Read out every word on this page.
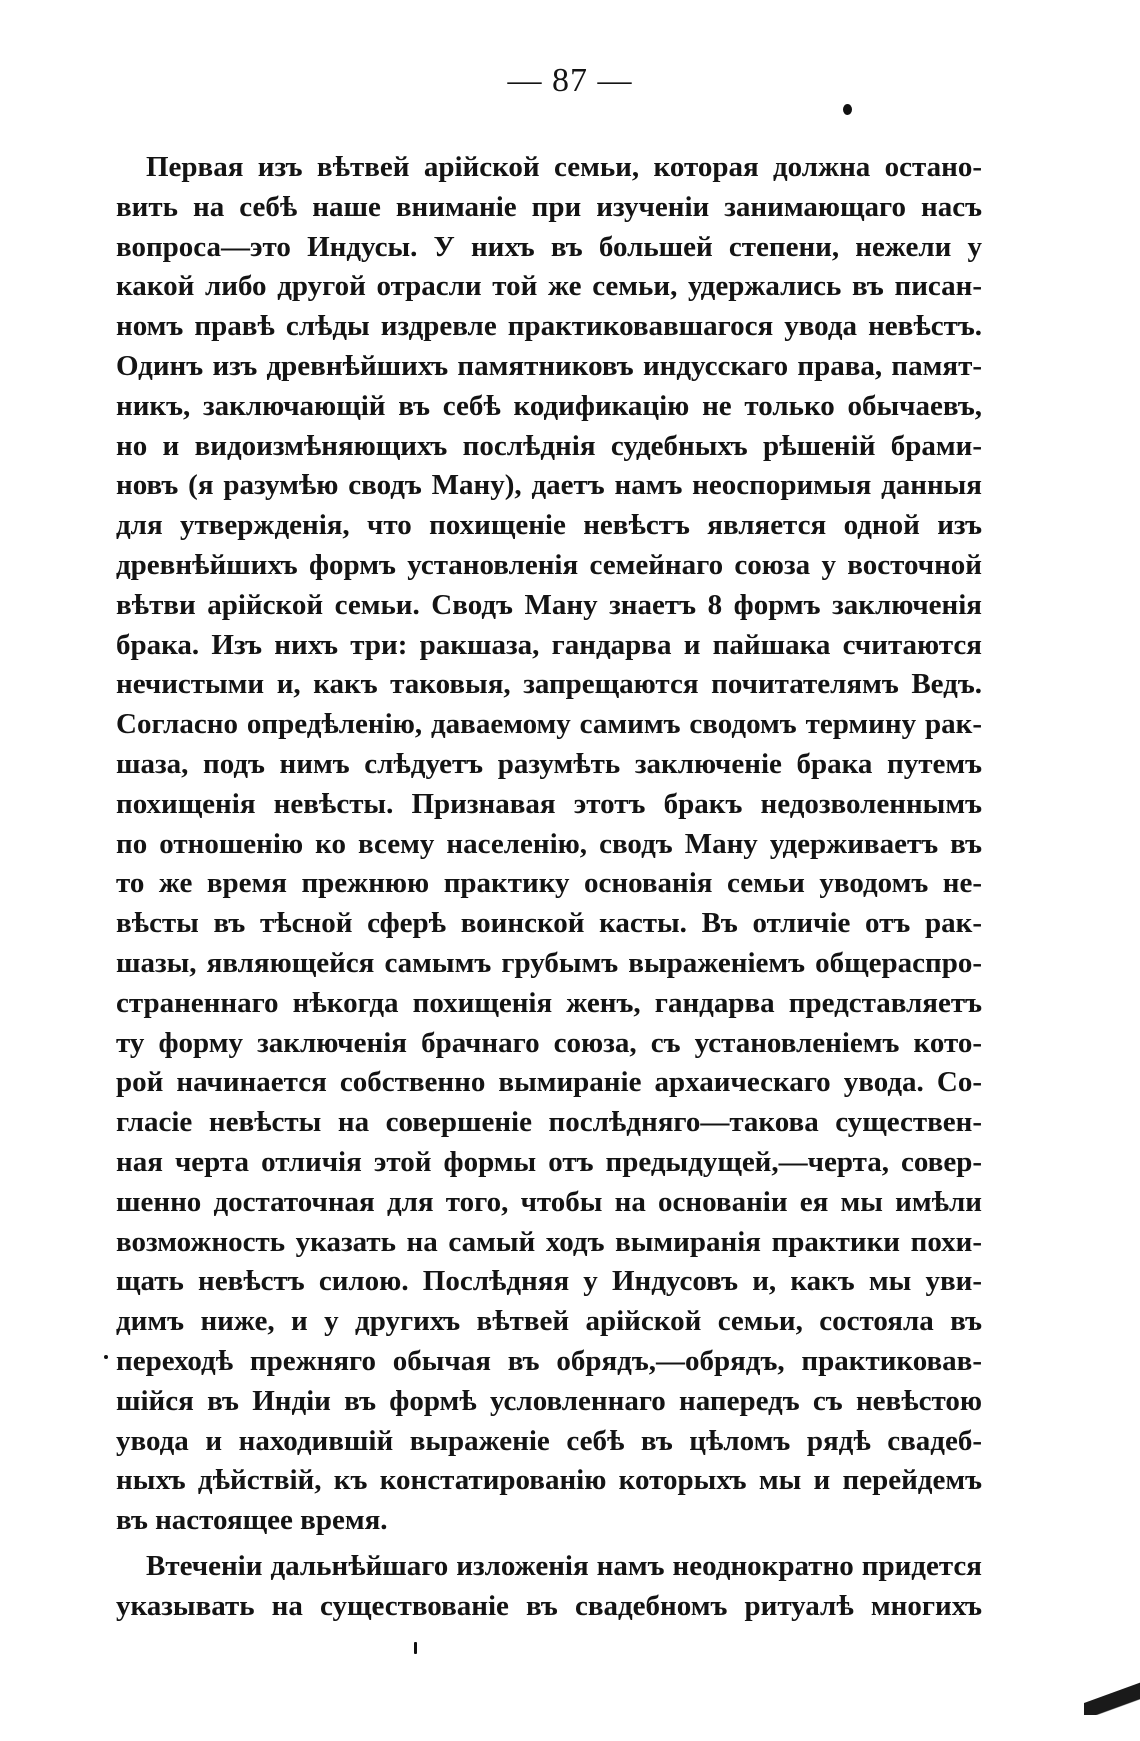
— 87 —
Первая изъ вѣтвей арійской семьи, которая должна остано-
вить на себѣ наше вниманіе при изученіи занимающаго насъ
вопроса—это Индусы. У нихъ въ большей степени, нежели у
какой либо другой отрасли той же семьи, удержались въ писан-
номъ правѣ слѣды издревле практиковавшагося увода невѣстъ.
Одинъ изъ древнѣйшихъ памятниковъ индусскаго права, памят-
никъ, заключающій въ себѣ кодификацію не только обычаевъ,
но и видоизмѣняющихъ послѣднія судебныхъ рѣшеній брами-
новъ (я разумѣю сводъ Ману), даетъ намъ неоспоримыя данныя
для утвержденія, что похищеніе невѣстъ является одной изъ
древнѣйшихъ формъ установленія семейнаго союза у восточной
вѣтви арійской семьи. Сводъ Ману знаетъ 8 формъ заключенія
брака. Изъ нихъ три: ракшаза, гандарва и пайшака считаются
нечистыми и, какъ таковыя, запрещаются почитателямъ Ведъ.
Согласно опредѣленію, даваемому самимъ сводомъ термину рак-
шаза, подъ нимъ слѣдуетъ разумѣть заключеніе брака путемъ
похищенія невѣсты. Признавая этотъ бракъ недозволеннымъ
по отношенію ко всему населенію, сводъ Ману удерживаетъ въ
то же время прежнюю практику основанія семьи уводомъ не-
вѣсты въ тѣсной сферѣ воинской касты. Въ отличіе отъ рак-
шазы, являющейся самымъ грубымъ выраженіемъ общераспро-
страненнаго нѣкогда похищенія женъ, гандарва представляетъ
ту форму заключенія брачнаго союза, съ установленіемъ кото-
рой начинается собственно вымираніе архаическаго увода. Со-
гласіе невѣсты на совершеніе послѣдняго—такова существен-
ная черта отличія этой формы отъ предыдущей,—черта, совер-
шенно достаточная для того, чтобы на основаніи ея мы имѣли
возможность указать на самый ходъ вымиранія практики похи-
щать невѣстъ силою. Послѣдняя у Индусовъ и, какъ мы уви-
димъ ниже, и у другихъ вѣтвей арійской семьи, состояла въ
переходѣ прежняго обычая въ обрядъ,—обрядъ, практиковав-
шійся въ Индіи въ формѣ условленнаго напередъ съ невѣстою
увода и находившій выраженіе себѣ въ цѣломъ рядѣ свадеб-
ныхъ дѣйствій, къ констатированію которыхъ мы и перейдемъ
въ настоящее время.
Втеченіи дальнѣйшаго изложенія намъ неоднократно придется
указывать на существованіе въ свадебномъ ритуалѣ многихъ
